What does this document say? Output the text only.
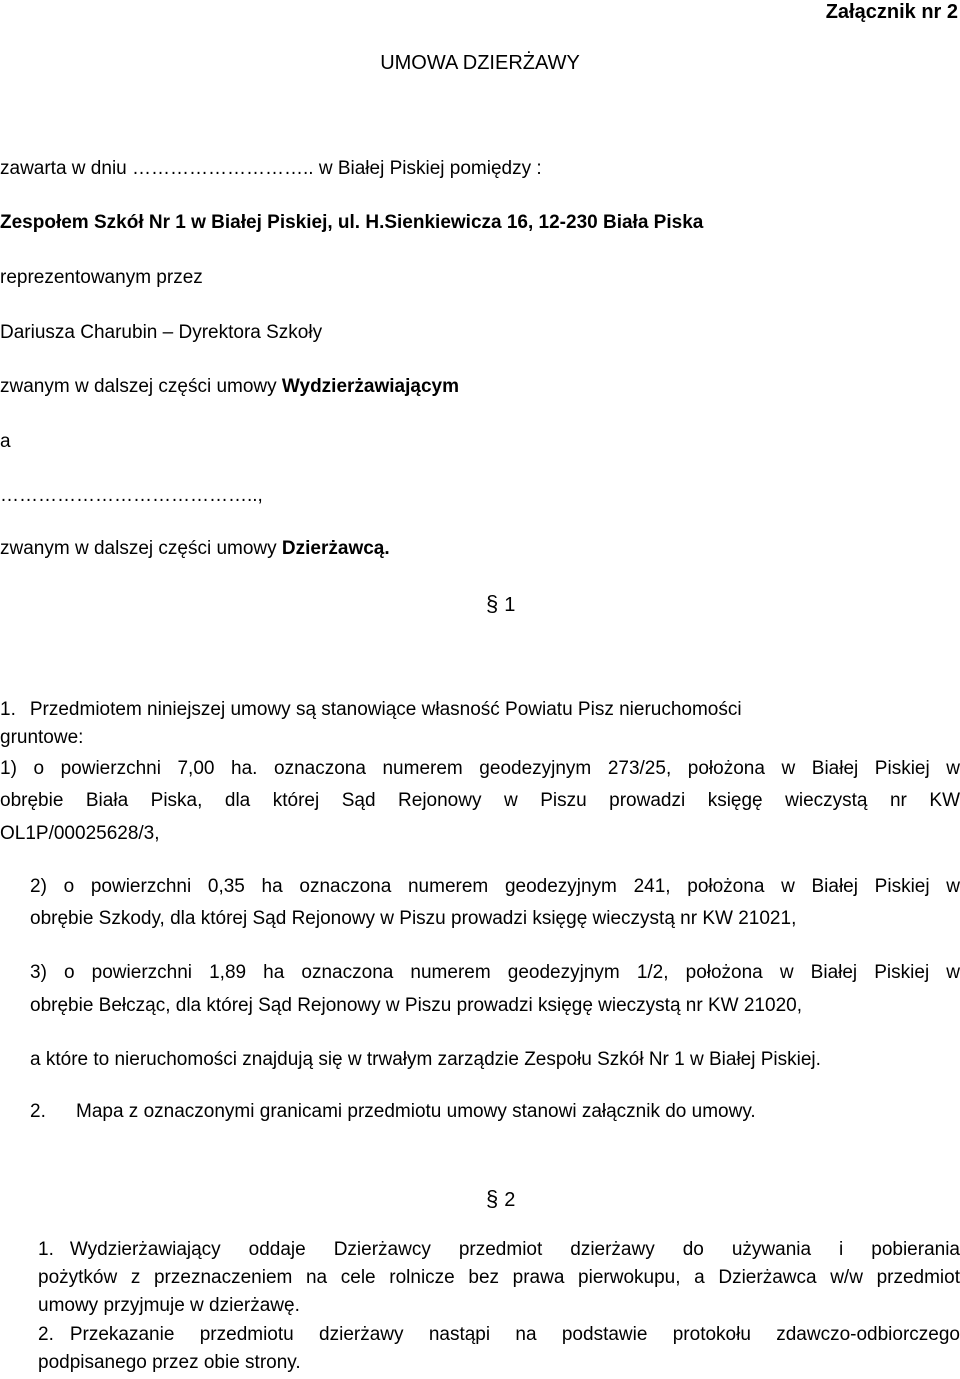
Załącznik nr 2
UMOWA DZIERŻAWY
zawarta w dniu ……………………….. w Białej Piskiej pomiędzy :
Zespołem Szkół Nr 1 w Białej Piskiej, ul. H.Sienkiewicza 16, 12-230 Biała Piska
reprezentowanym przez
Dariusza Charubin – Dyrektora Szkoły
zwanym w dalszej części umowy Wydzierżawiającym
a
…………………………………..,
zwanym w dalszej części umowy Dzierżawcą.
§ 1
1. Przedmiotem niniejszej umowy są stanowiące własność Powiatu Pisz nieruchomości
gruntowe:
1) o powierzchni 7,00 ha. oznaczona numerem geodezyjnym 273/25, położona w Białej Piskiej w
obrębie Biała Piska, dla której Sąd Rejonowy w Piszu prowadzi księgę wieczystą nr KW
OL1P/00025628/3,
2) o powierzchni 0,35 ha oznaczona numerem geodezyjnym 241, położona w Białej Piskiej w
obrębie Szkody, dla której Sąd Rejonowy w Piszu prowadzi księgę wieczystą nr KW 21021,
3) o powierzchni 1,89 ha oznaczona numerem geodezyjnym 1/2, położona w Białej Piskiej w
obrębie Bełcząc, dla której Sąd Rejonowy w Piszu prowadzi księgę wieczystą nr KW 21020,
a które to nieruchomości znajdują się w trwałym zarządzie Zespołu Szkół Nr 1 w Białej Piskiej.
2. Mapa z oznaczonymi granicami przedmiotu umowy stanowi załącznik do umowy.
§ 2
1. Wydzierżawiający oddaje Dzierżawcy przedmiot dzierżawy do używania i pobierania
pożytków z przeznaczeniem na cele rolnicze bez prawa pierwokupu, a Dzierżawca w/w przedmiot
umowy przyjmuje w dzierżawę.
2. Przekazanie przedmiotu dzierżawy nastąpi na podstawie protokołu zdawczo-odbiorczego
podpisanego przez obie strony.
